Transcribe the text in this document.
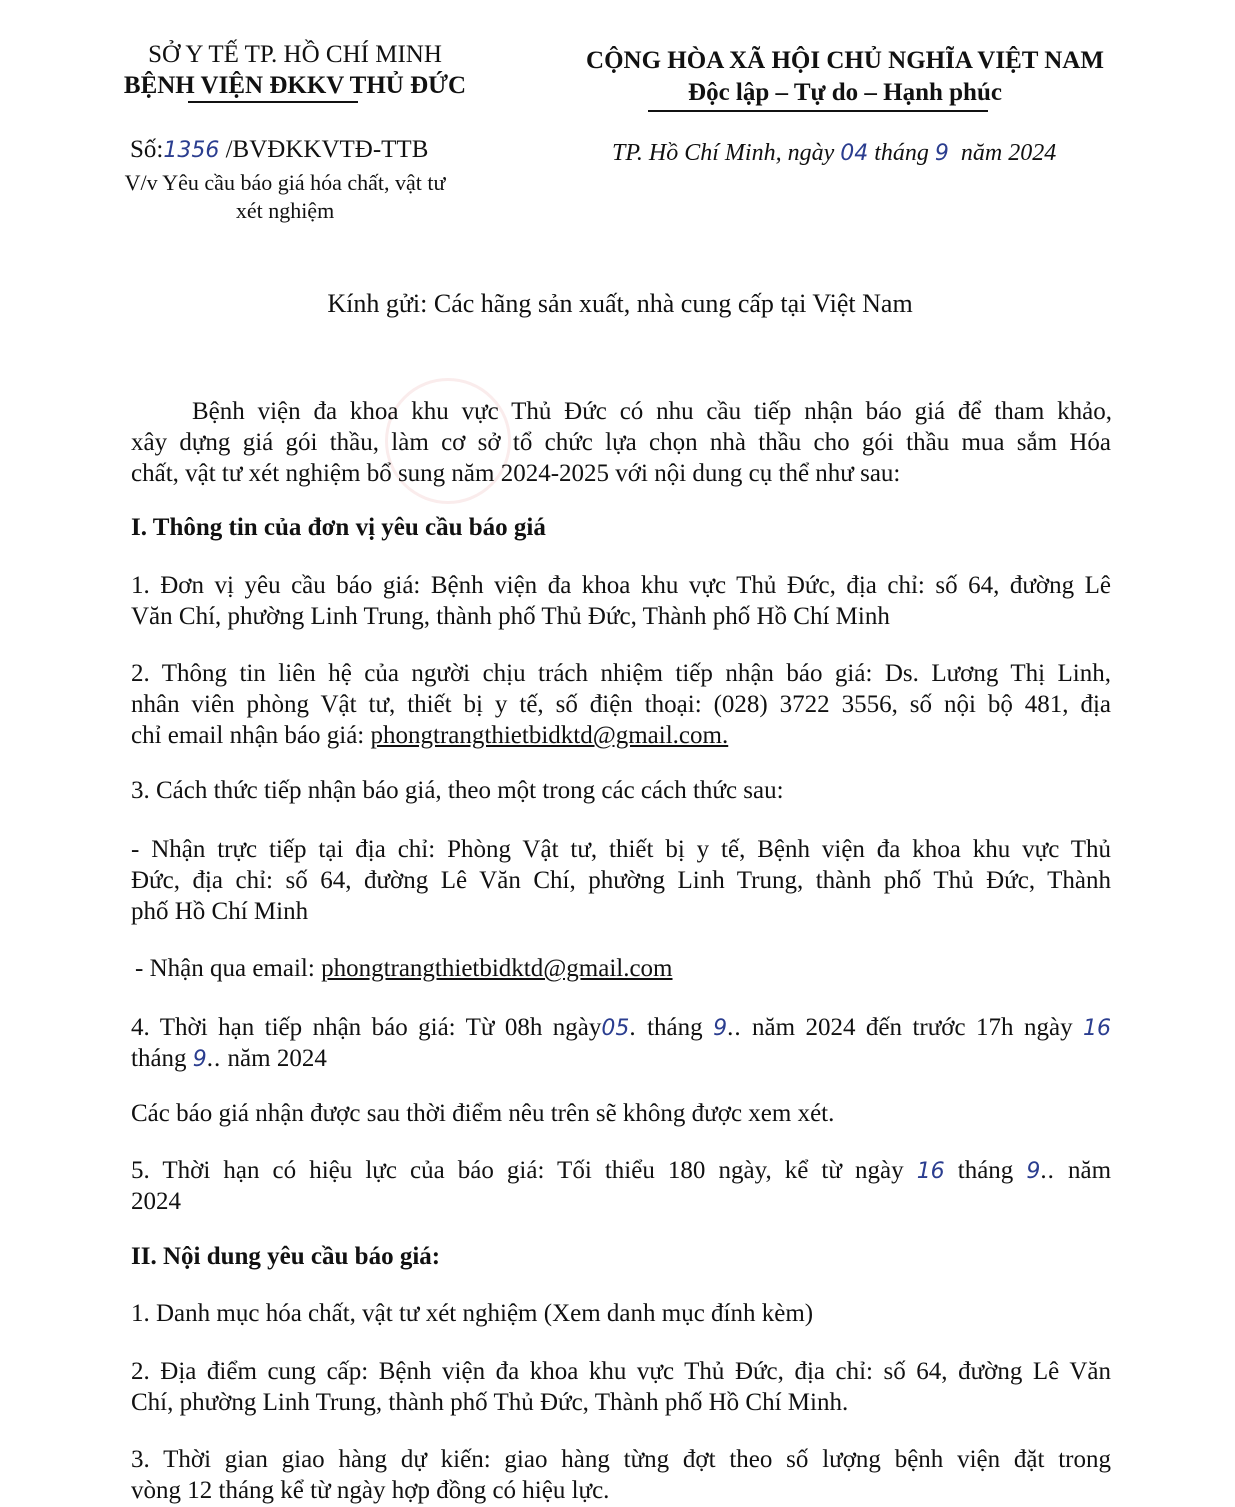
SỞ Y TẾ TP. HỒ CHÍ MINH
BỆNH VIỆN ĐKKV THỦ ĐỨC
Số:1356 /BVĐKKVTĐ-TTB
V/v Yêu cầu báo giá hóa chất, vật tư
xét nghiệm
CỘNG HÒA XÃ HỘI CHỦ NGHĨA VIỆT NAM
Độc lập – Tự do – Hạnh phúc
TP. Hồ Chí Minh, ngày 04 tháng 9 năm 2024
Kính gửi: Các hãng sản xuất, nhà cung cấp tại Việt Nam
Bệnh viện đa khoa khu vực Thủ Đức có nhu cầu tiếp nhận báo giá để tham khảo,
xây dựng giá gói thầu, làm cơ sở tổ chức lựa chọn nhà thầu cho gói thầu mua sắm Hóa
chất, vật tư xét nghiệm bổ sung năm 2024-2025 với nội dung cụ thể như sau:
I. Thông tin của đơn vị yêu cầu báo giá
1. Đơn vị yêu cầu báo giá: Bệnh viện đa khoa khu vực Thủ Đức, địa chỉ: số 64, đường Lê
Văn Chí, phường Linh Trung, thành phố Thủ Đức, Thành phố Hồ Chí Minh
2. Thông tin liên hệ của người chịu trách nhiệm tiếp nhận báo giá: Ds. Lương Thị Linh,
nhân viên phòng Vật tư, thiết bị y tế, số điện thoại: (028) 3722 3556, số nội bộ 481, địa
chỉ email nhận báo giá: phongtrangthietbidktd@gmail.com.
3. Cách thức tiếp nhận báo giá, theo một trong các cách thức sau:
- Nhận trực tiếp tại địa chỉ: Phòng Vật tư, thiết bị y tế, Bệnh viện đa khoa khu vực Thủ
Đức, địa chỉ: số 64, đường Lê Văn Chí, phường Linh Trung, thành phố Thủ Đức, Thành
phố Hồ Chí Minh
- Nhận qua email: phongtrangthietbidktd@gmail.com
4. Thời hạn tiếp nhận báo giá: Từ 08h ngày05. tháng 9.. năm 2024 đến trước 17h ngày 16
tháng 9.. năm 2024
Các báo giá nhận được sau thời điểm nêu trên sẽ không được xem xét.
5. Thời hạn có hiệu lực của báo giá: Tối thiểu 180 ngày, kể từ ngày 16 tháng 9.. năm
2024
II. Nội dung yêu cầu báo giá:
1. Danh mục hóa chất, vật tư xét nghiệm (Xem danh mục đính kèm)
2. Địa điểm cung cấp: Bệnh viện đa khoa khu vực Thủ Đức, địa chỉ: số 64, đường Lê Văn
Chí, phường Linh Trung, thành phố Thủ Đức, Thành phố Hồ Chí Minh.
3. Thời gian giao hàng dự kiến: giao hàng từng đợt theo số lượng bệnh viện đặt trong
vòng 12 tháng kể từ ngày hợp đồng có hiệu lực.
